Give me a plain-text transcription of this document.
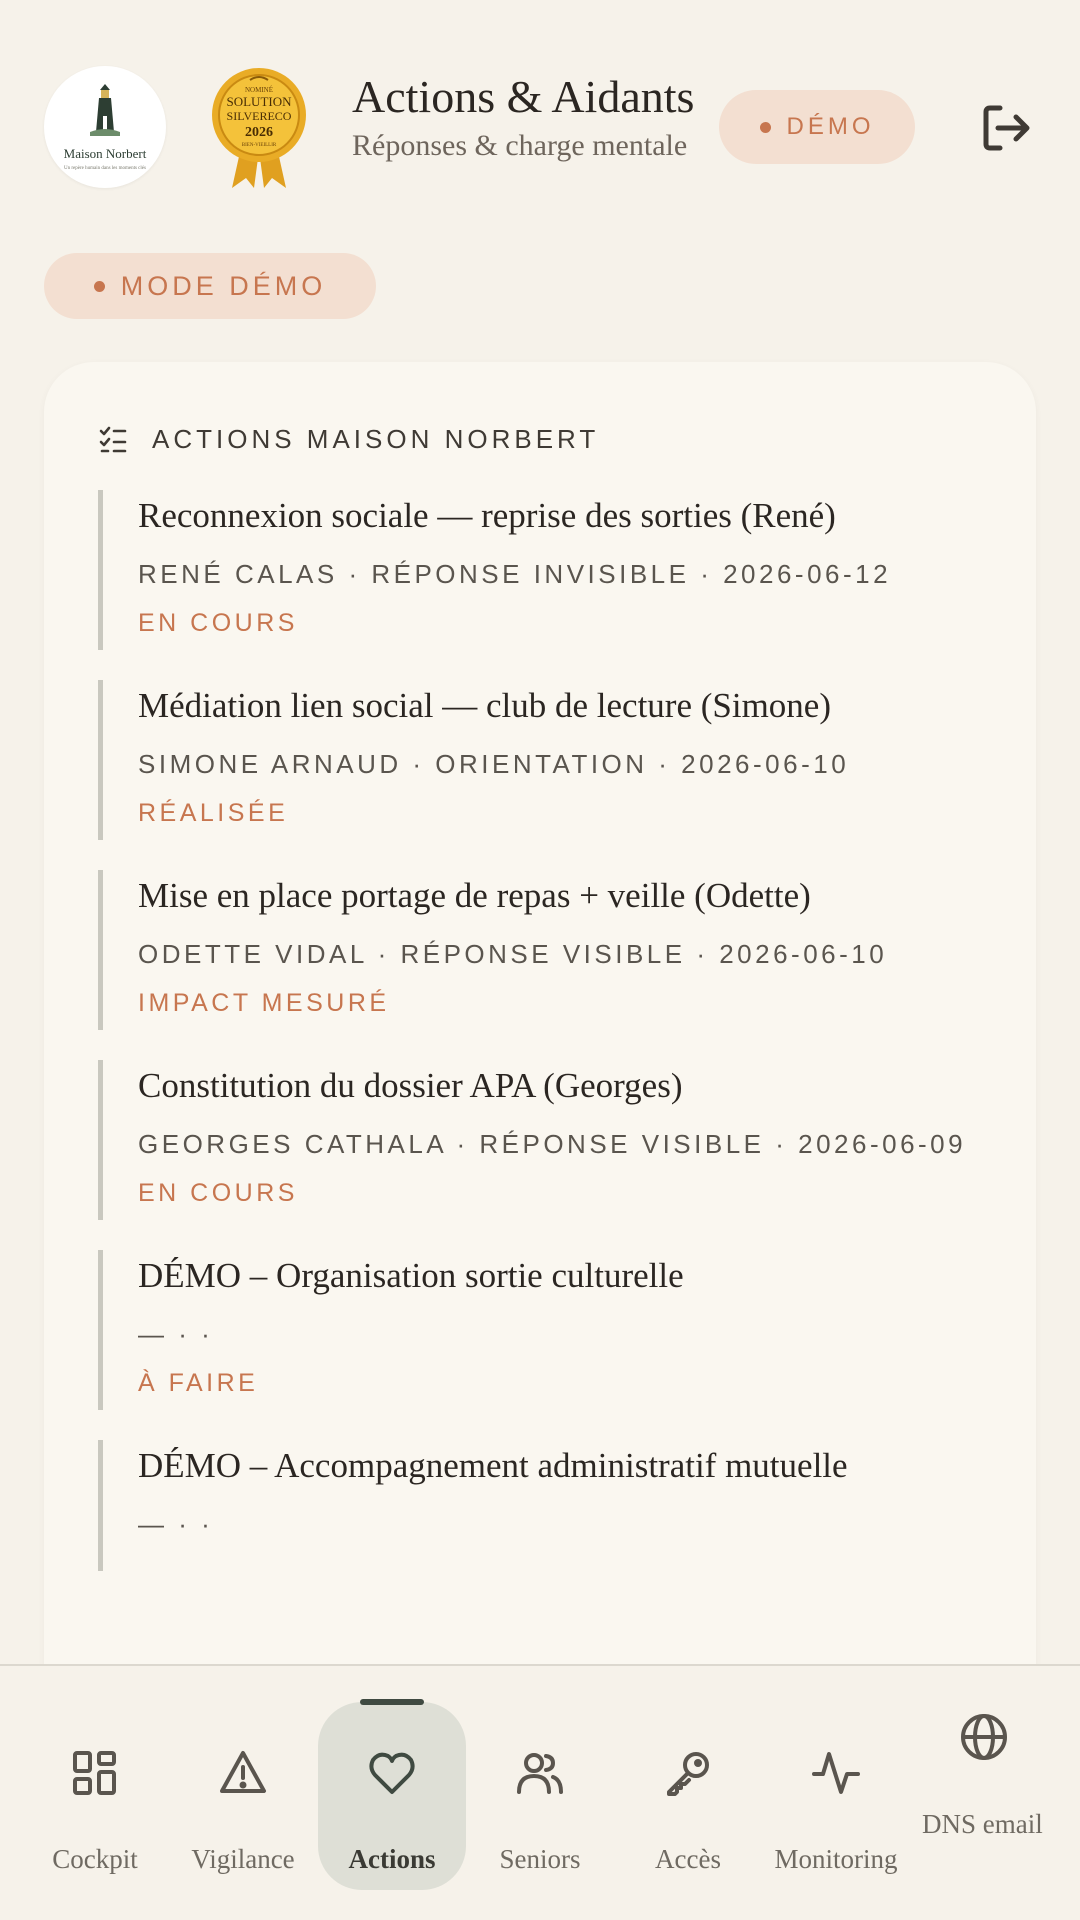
Maison Norbert
Un repère humain dans les moments clés
NOMINÉ
SOLUTION
SILVERECO
2026
BIEN-VIEILLIR
Actions & Aidants
Réponses & charge mentale
DÉMO
MODE DÉMO
ACTIONS MAISON NORBERT
Reconnexion sociale — reprise des sorties (René)
RENÉ CALAS · RÉPONSE INVISIBLE · 2026-06-12
EN COURS
Médiation lien social — club de lecture (Simone)
SIMONE ARNAUD · ORIENTATION · 2026-06-10
RÉALISÉE
Mise en place portage de repas + veille (Odette)
ODETTE VIDAL · RÉPONSE VISIBLE · 2026-06-10
IMPACT MESURÉ
Constitution du dossier APA (Georges)
GEORGES CATHALA · RÉPONSE VISIBLE · 2026-06-09
EN COURS
DÉMO – Organisation sortie culturelle
— · ·
À FAIRE
DÉMO – Accompagnement administratif mutuelle
— · ·
Cockpit	Vigilance	Actions	Seniors	Accès	Monitoring
DNS email
